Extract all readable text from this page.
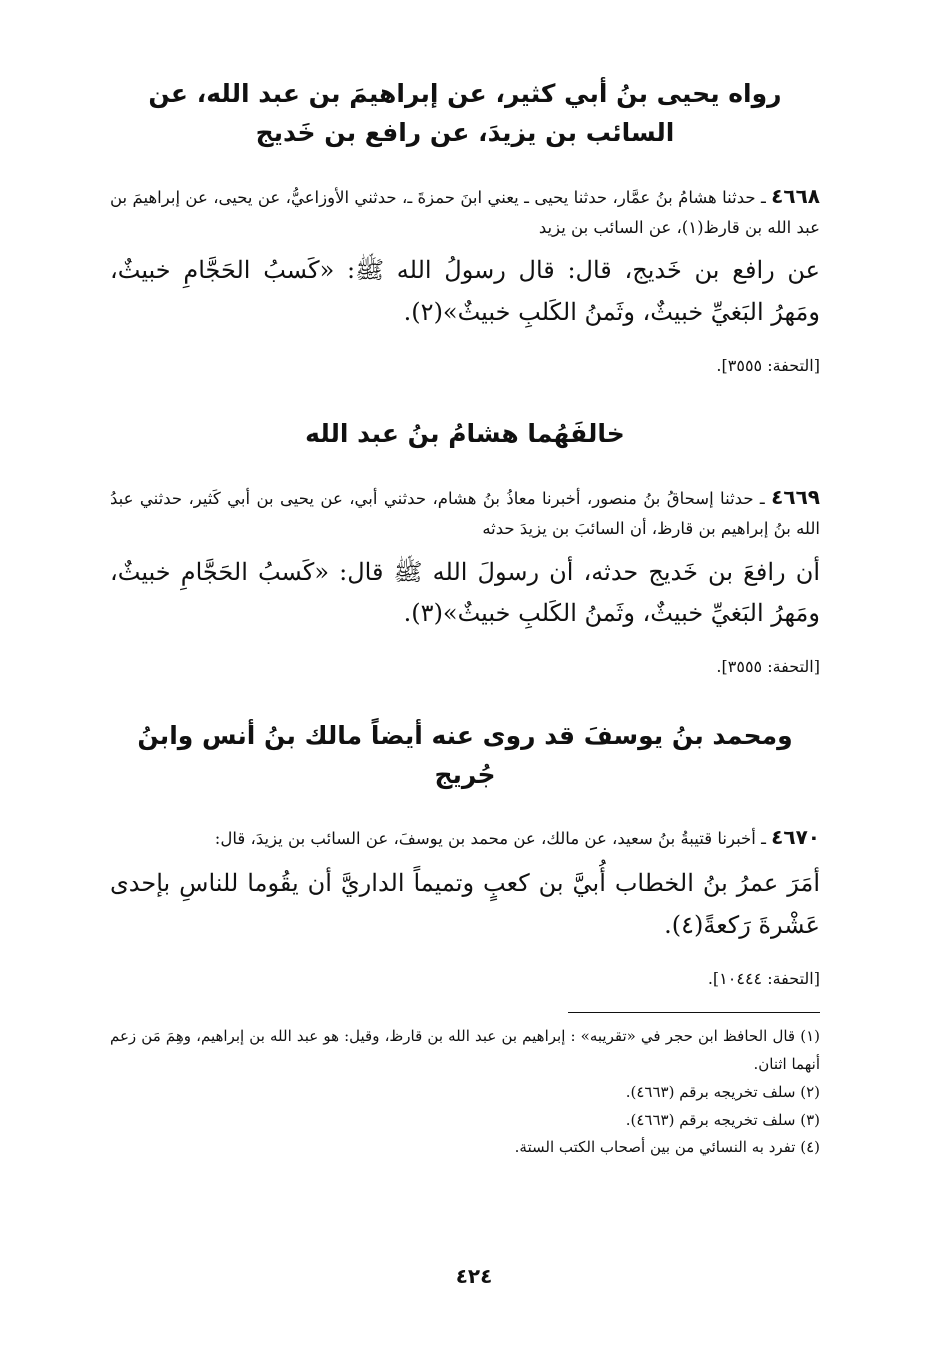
رواه يحيى بنُ أبي كثير، عن إبراهيمَ بن عبد الله، عن السائب بن يزيدَ، عن رافع بن خَديج

٤٦٦٨ ـ حدثنا هشامُ بنُ عمَّار، حدثنا يحيى ـ يعني ابنَ حمزةَ ـ، حدثني الأوزاعيُّ، عن يحيى، عن إبراهيمَ بن عبد الله بن قارظ(١)، عن السائب بن يزيد

عن رافع بن خَديج، قال: قال رسولُ الله ﷺ: «كَسبُ الحَجَّامِ خبيثٌ، ومَهرُ البَغيِّ خبيثٌ، وثَمنُ الكَلبِ خبيثٌ»(٢).

[التحفة: ٣٥٥٥].

خالفَهُما هشامُ بنُ عبد الله

٤٦٦٩ ـ حدثنا إسحاقُ بنُ منصور، أخبرنا معاذُ بنُ هشام، حدثني أبي، عن يحيى بن أبي كَثير، حدثني عبدُ الله بنُ إبراهيم بن قارظ، أن السائبَ بن يزيدَ حدثه

أن رافعَ بن خَديج حدثه، أن رسولَ الله ﷺ قال: «كَسبُ الحَجَّامِ خبيثٌ، ومَهرُ البَغيِّ خبيثٌ، وثَمنُ الكَلبِ خبيثٌ»(٣).

[التحفة: ٣٥٥٥].

ومحمد بنُ يوسفَ قد روى عنه أيضاً مالك بنُ أنس وابنُ جُريج

٤٦٧٠ ـ أخبرنا قتيبةُ بنُ سعيد، عن مالك، عن محمد بن يوسفَ، عن السائب بن يزيدَ، قال:

أمَرَ عمرُ بنُ الخطاب أُبيَّ بن كعبٍ وتميماً الداريَّ أن يقُوما للناسِ بإحدى عَشْرةَ رَكعةً(٤).

[التحفة: ١٠٤٤٤].

(١) قال الحافظ ابن حجر في «تقريبه» : إبراهيم بن عبد الله بن قارظ، وقيل: هو عبد الله بن إبراهيم، وهِمَ مَن زعم أنهما اثنان.

(٢) سلف تخريجه برقم (٤٦٦٣).

(٣) سلف تخريجه برقم (٤٦٦٣).

(٤) تفرد به النسائي من بين أصحاب الكتب الستة.

٤٢٤
